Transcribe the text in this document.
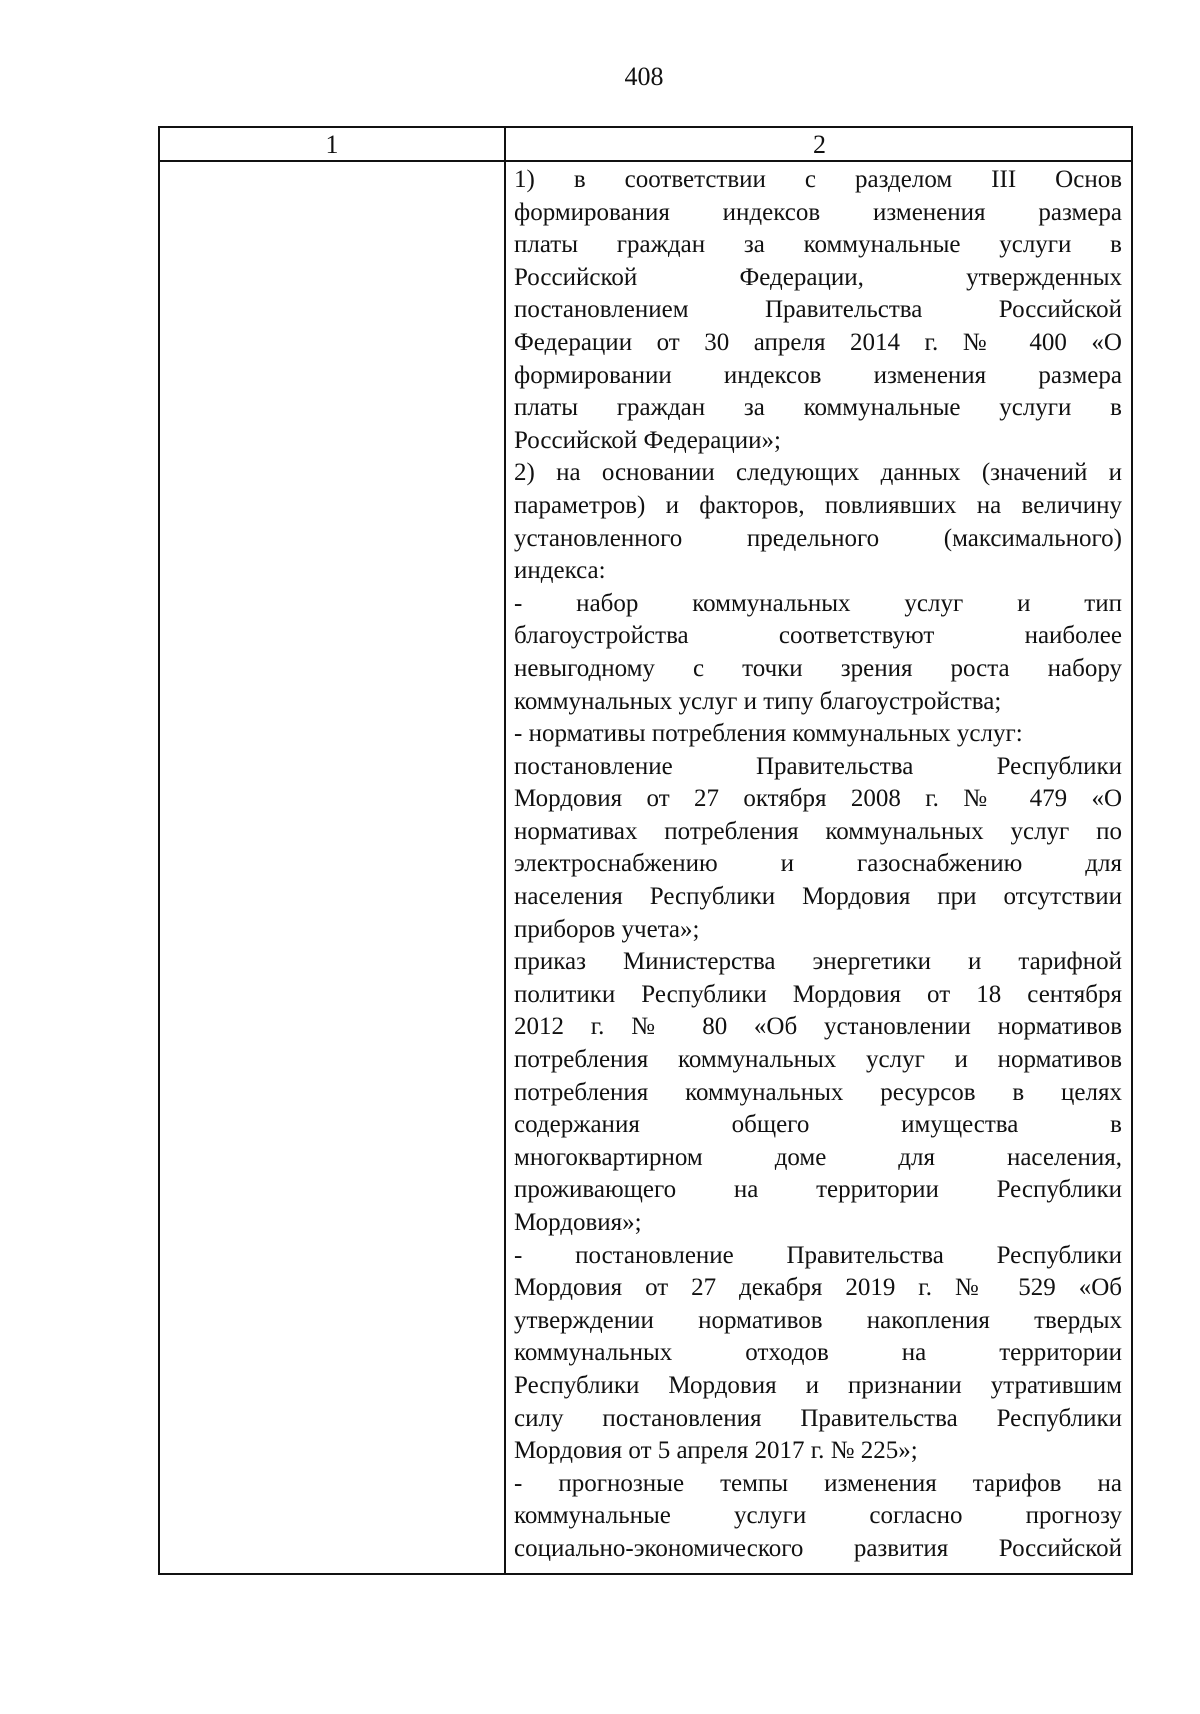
408
1	2
1) в соответствии с разделом III Основ
формирования индексов изменения размера
платы граждан за коммунальные услуги в
Российской Федерации, утвержденных
постановлением Правительства Российской
Федерации от 30 апреля 2014 г. № 400 «О
формировании индексов изменения размера
платы граждан за коммунальные услуги в
Российской Федерации»;
2) на основании следующих данных (значений и
параметров) и факторов, повлиявших на величину
установленного предельного (максимального)
индекса:
- набор коммунальных услуг и тип
благоустройства соответствуют наиболее
невыгодному с точки зрения роста набору
коммунальных услуг и типу благоустройства;
- нормативы потребления коммунальных услуг:
постановление Правительства Республики
Мордовия от 27 октября 2008 г. № 479 «О
нормативах потребления коммунальных услуг по
электроснабжению и газоснабжению для
населения Республики Мордовия при отсутствии
приборов учета»;
приказ Министерства энергетики и тарифной
политики Республики Мордовия от 18 сентября
2012 г. № 80 «Об установлении нормативов
потребления коммунальных услуг и нормативов
потребления коммунальных ресурсов в целях
содержания общего имущества в
многоквартирном доме для населения,
проживающего на территории Республики
Мордовия»;
- постановление Правительства Республики
Мордовия от 27 декабря 2019 г. № 529 «Об
утверждении нормативов накопления твердых
коммунальных отходов на территории
Республики Мордовия и признании утратившим
силу постановления Правительства Республики
Мордовия от 5 апреля 2017 г. № 225»;
- прогнозные темпы изменения тарифов на
коммунальные услуги согласно прогнозу
социально-экономического развития Российской
